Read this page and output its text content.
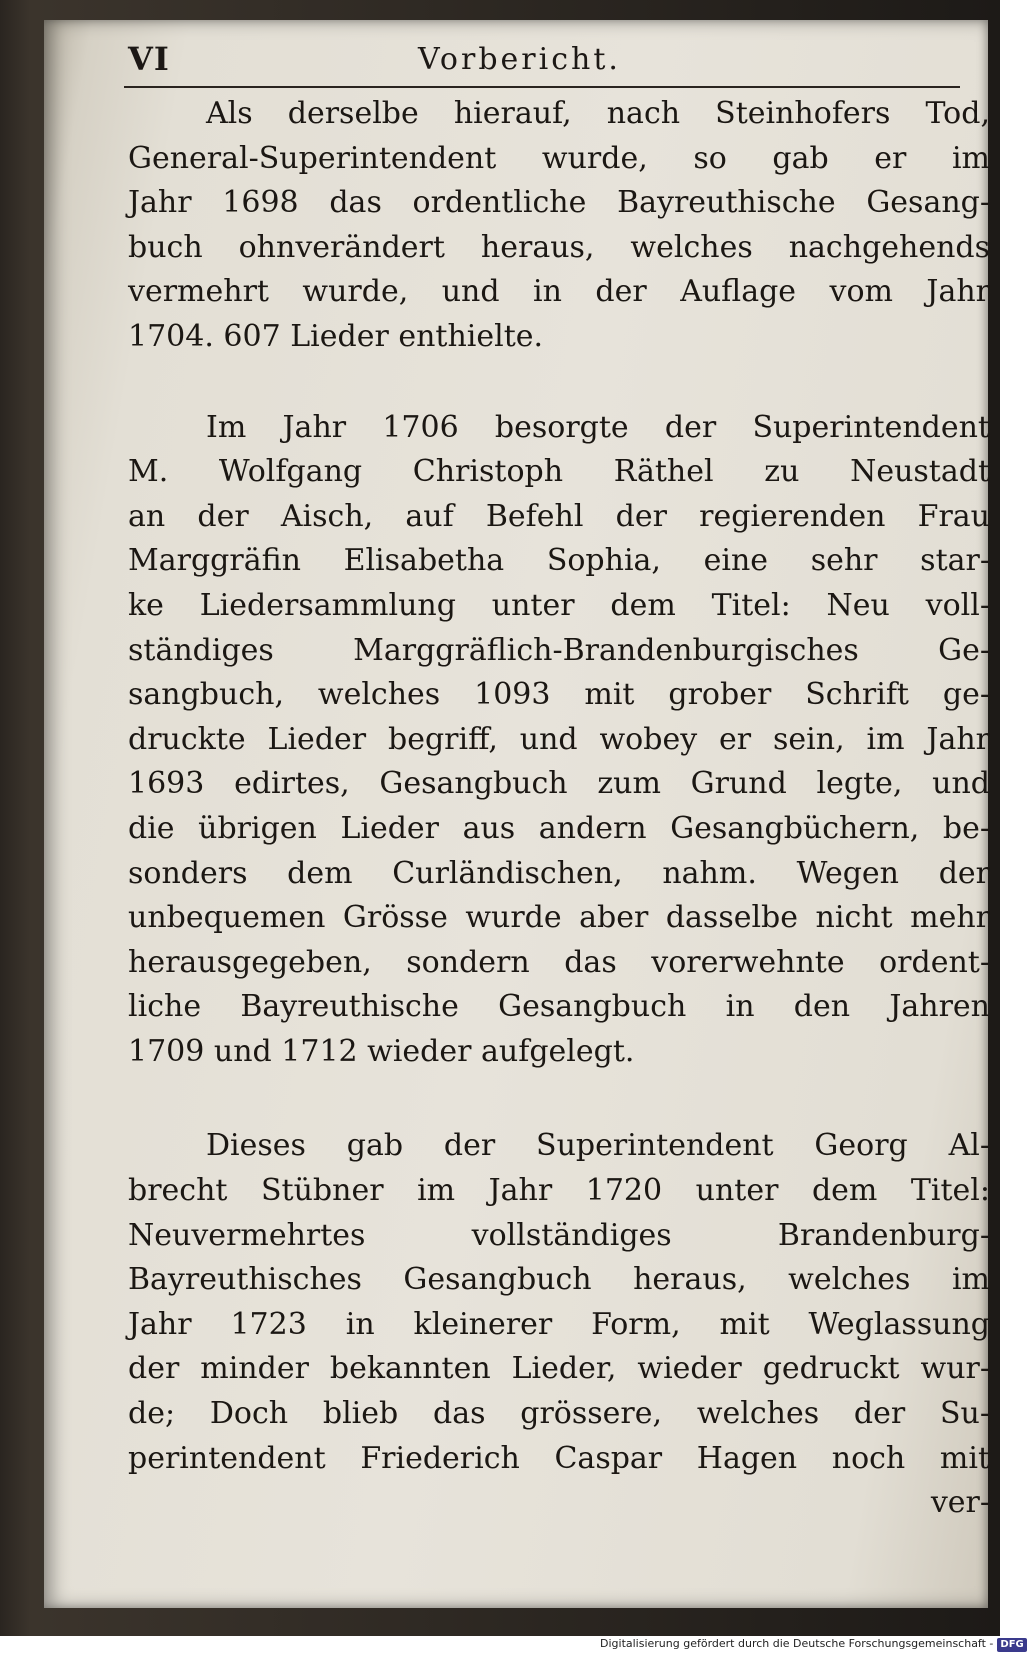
VI	Vorbericht.

Als derselbe hierauf, nach Steinhofers Tod,
General-Superintendent wurde, so gab er im
Jahr 1698 das ordentliche Bayreuthische Gesang-
buch ohnverändert heraus, welches nachgehends
vermehrt wurde, und in der Auflage vom Jahr
1704. 607 Lieder enthielte.

Im Jahr 1706 besorgte der Superintendent
M. Wolfgang Christoph Räthel zu Neustadt
an der Aisch, auf Befehl der regierenden Frau
Marggräfin Elisabetha Sophia, eine sehr star-
ke Liedersammlung unter dem Titel: Neu voll-
ständiges Marggräflich-Brandenburgisches Ge-
sangbuch, welches 1093 mit grober Schrift ge-
druckte Lieder begriff, und wobey er sein, im Jahr
1693 edirtes, Gesangbuch zum Grund legte, und
die übrigen Lieder aus andern Gesangbüchern, be-
sonders dem Curländischen, nahm. Wegen der
unbequemen Grösse wurde aber dasselbe nicht mehr
herausgegeben, sondern das vorerwehnte ordent-
liche Bayreuthische Gesangbuch in den Jahren
1709 und 1712 wieder aufgelegt.

Dieses gab der Superintendent Georg Al-
brecht Stübner im Jahr 1720 unter dem Titel:
Neuvermehrtes vollständiges Brandenburg-
Bayreuthisches Gesangbuch heraus, welches im
Jahr 1723 in kleinerer Form, mit Weglassung
der minder bekannten Lieder, wieder gedruckt wur-
de; Doch blieb das grössere, welches der Su-
perintendent Friederich Caspar Hagen noch mit

ver-
Digitalisierung gefördert durch die Deutsche Forschungsgemeinschaft - DFG
